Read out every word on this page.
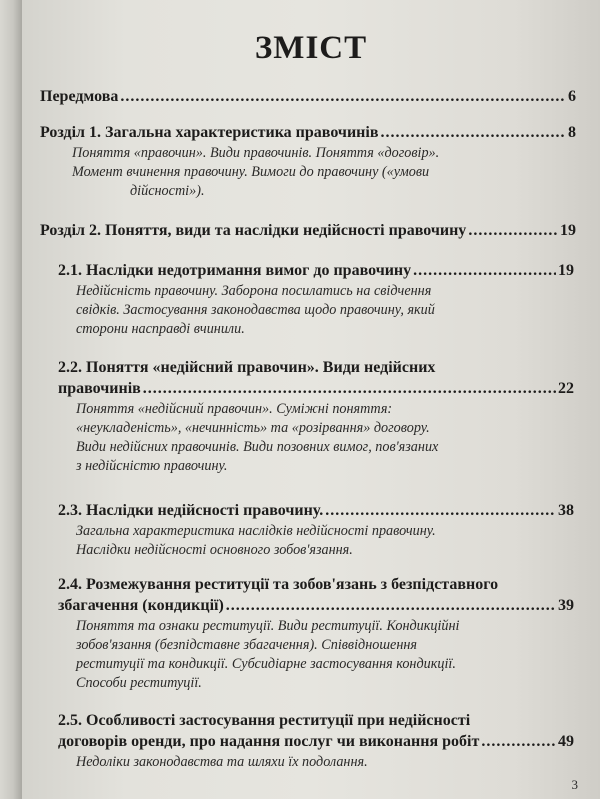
ЗМІСТ
Передмова .....	6
Розділ 1. Загальна характеристика правочинів .....	8
Поняття «правочин». Види правочинів. Поняття «договір».
Момент вчинення правочину. Вимоги до правочину («умови
дійсності»).
Розділ 2. Поняття, види та наслідки недійсності правочину .....	19
2.1. Наслідки недотримання вимог до правочину .....	19
Недійсність правочину. Заборона посилатись на свідчення
свідків. Застосування законодавства щодо правочину, який
сторони насправді вчинили.
2.2. Поняття «недійсний правочин». Види недійсних
правочинів .....	22
Поняття «недійсний правочин». Суміжні поняття:
«неукладеність», «нечинність» та «розірвання» договору.
Види недійсних правочинів. Види позовних вимог, пов'язаних
з недійсністю правочину.
2.3. Наслідки недійсності правочину. .....	38
Загальна характеристика наслідків недійсності правочину.
Наслідки недійсності основного зобов'язання.
2.4. Розмежування реституції та зобов'язань з безпідставного
збагачення (кондикції) .....	39
Поняття та ознаки реституції. Види реституції. Кондикційні
зобов'язання (безпідставне збагачення). Співвідношення
реституції та кондикції. Субсидіарне застосування кондикції.
Способи реституції.
2.5. Особливості застосування реституції при недійсності
договорів оренди, про надання послуг чи виконання робіт .....	49
Недоліки законодавства та шляхи їх подолання.
3
